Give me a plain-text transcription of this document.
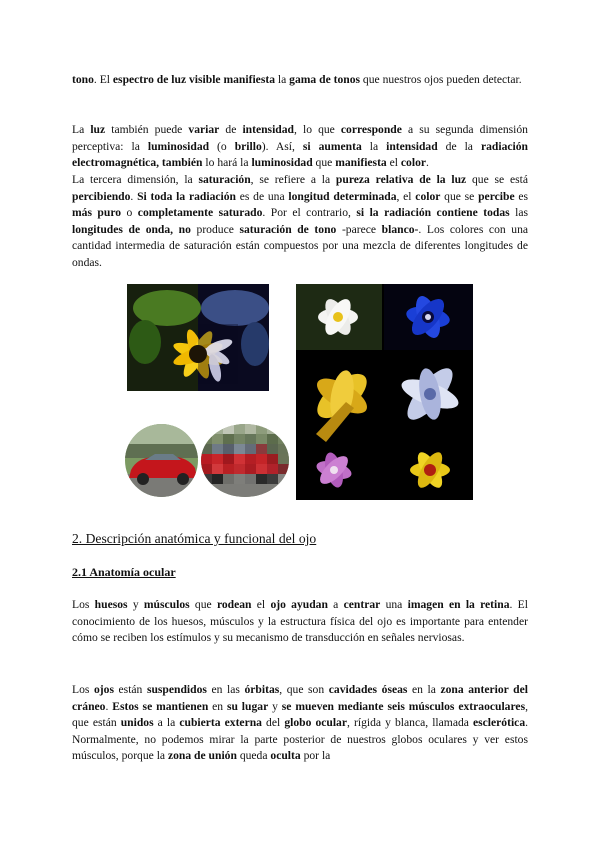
tono. El espectro de luz visible manifiesta la gama de tonos que nuestros ojos pueden detectar.

La luz también puede variar de intensidad, lo que corresponde a su segunda dimensión perceptiva: la luminosidad (o brillo). Así, si aumenta la intensidad de la radiación electromagnética, también lo hará la luminosidad que manifiesta el color.

La tercera dimensión, la saturación, se refiere a la pureza relativa de la luz que se está percibiendo. Si toda la radiación es de una longitud determinada, el color que se percibe es más puro o completamente saturado. Por el contrario, si la radiación contiene todas las longitudes de onda, no produce saturación de tono -parece blanco-. Los colores con una cantidad intermedia de saturación están compuestos por una mezcla de diferentes longitudes de ondas.

2. Descripción anatómica y funcional del ojo
2.1 Anatomía ocular

Los huesos y músculos que rodean el ojo ayudan a centrar una imagen en la retina. El conocimiento de los huesos, músculos y la estructura física del ojo es importante para entender cómo se reciben los estímulos y su mecanismo de transducción en señales nerviosas.

Los ojos están suspendidos en las órbitas, que son cavidades óseas en la zona anterior del cráneo. Estos se mantienen en su lugar y se mueven mediante seis músculos extraoculares, que están unidos a la cubierta externa del globo ocular, rígida y blanca, llamada esclerótica. Normalmente, no podemos mirar la parte posterior de nuestros globos oculares y ver estos músculos, porque la zona de unión queda oculta por la
